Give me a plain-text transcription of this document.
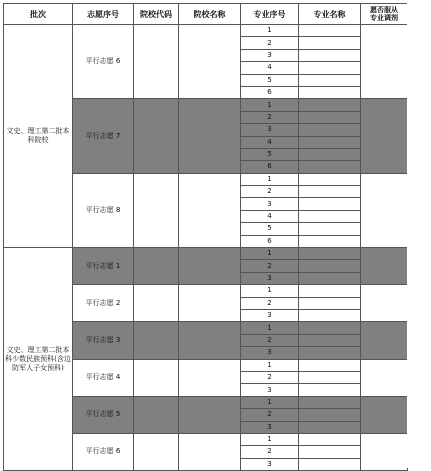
批次	志愿序号	院校代码	院校名称	专业序号	专业名称	愿否服从
专业调剂
文史、理工第二批本科院校	平行志愿 6			1		
				2		
				3		
				4		
				5		
				6		
	平行志愿 7			1		
				2		
				3		
				4		
				5		
				6		
	平行志愿 8			1		
				2		
				3		
				4		
				5		
				6		
文史、理工第二批本科少数民族预科(含边防军人子女预科)	平行志愿 1			1		
				2		
				3		
	平行志愿 2			1		
				2		
				3		
	平行志愿 3			1		
				2		
				3		
	平行志愿 4			1		
				2		
				3		
	平行志愿 5			1		
				2		
				3		
	平行志愿 6			1		
				2		
				3		
